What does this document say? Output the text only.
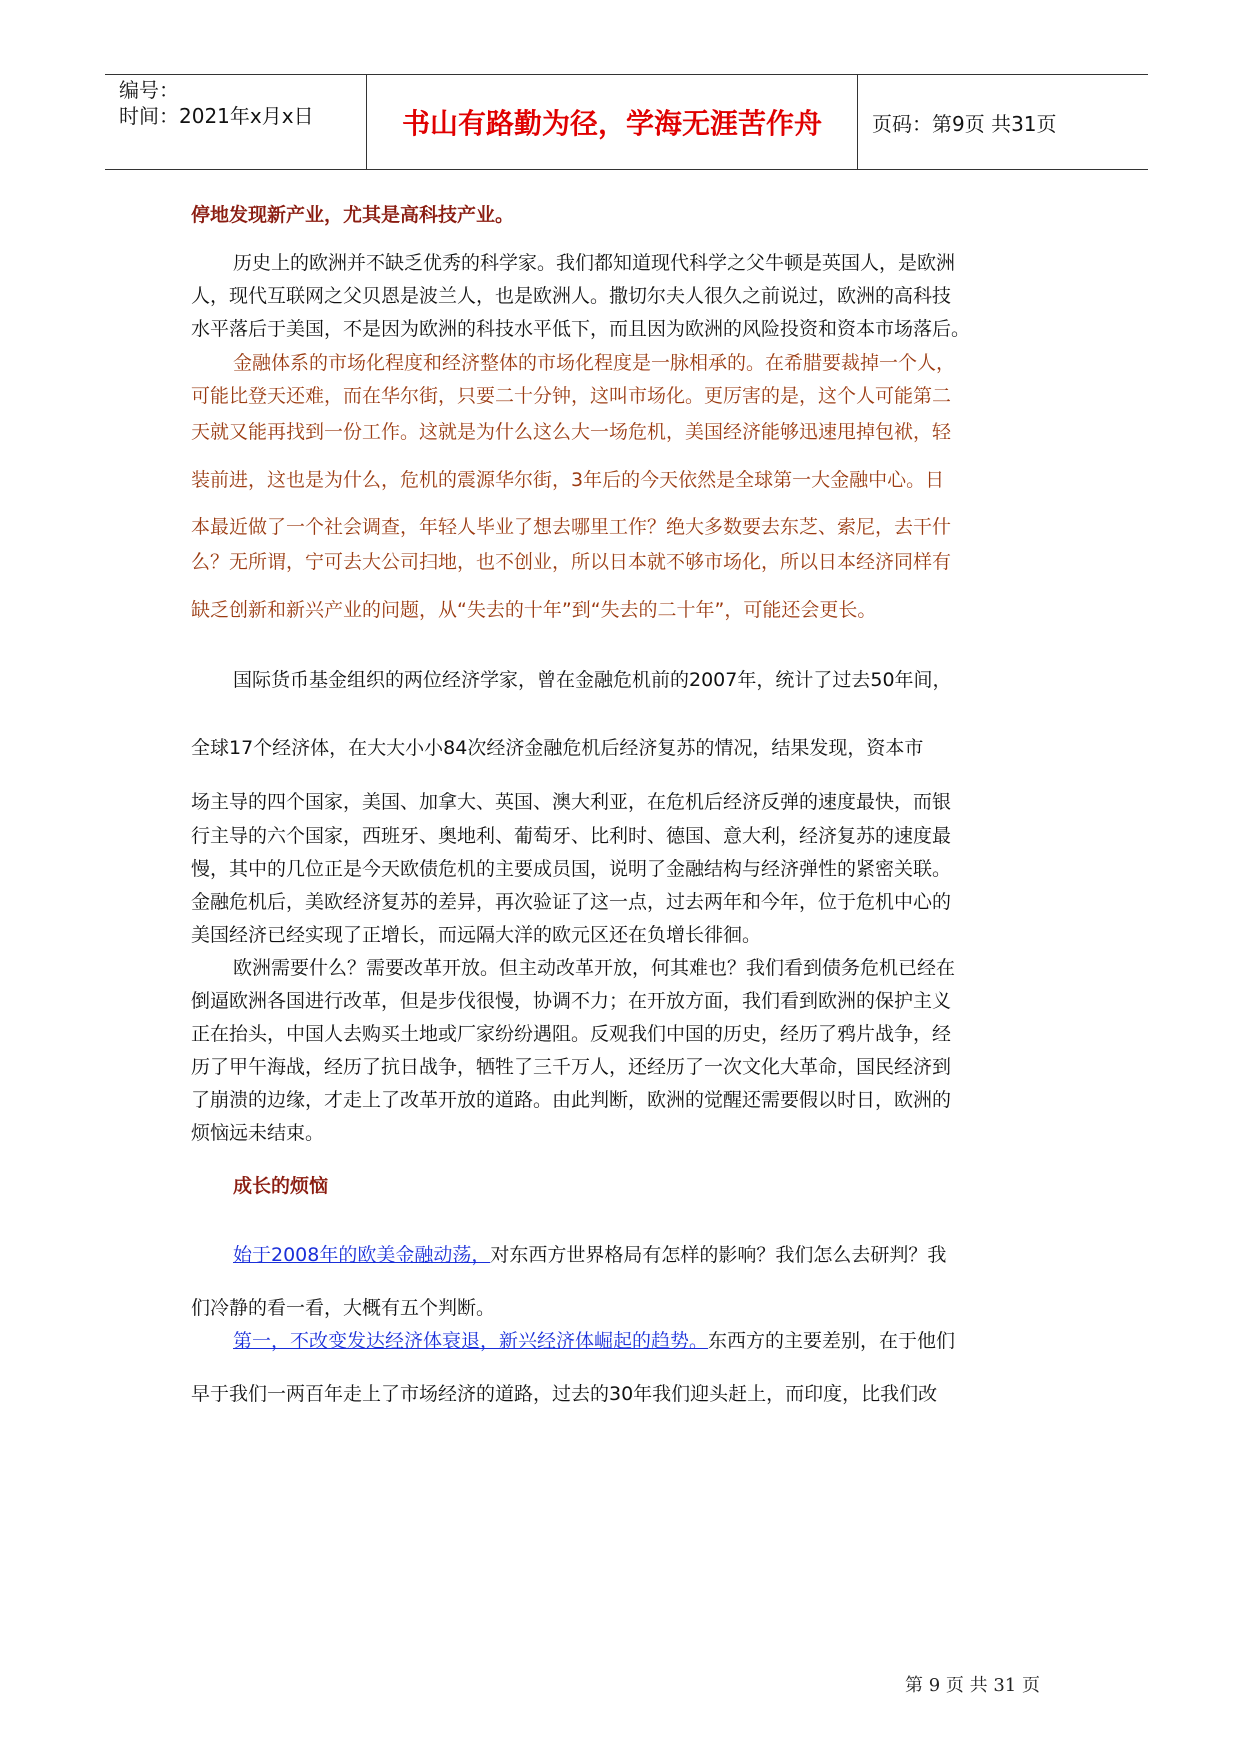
编号：
时间：2021年x月x日	书山有路勤为径，学海无涯苦作舟	页码：第9页 共31页
停地发现新产业，尤其是高科技产业。
历史上的欧洲并不缺乏优秀的科学家。我们都知道现代科学之父牛顿是英国人，是欧洲
人，现代互联网之父贝恩是波兰人，也是欧洲人。撒切尔夫人很久之前说过，欧洲的高科技
水平落后于美国，不是因为欧洲的科技水平低下，而且因为欧洲的风险投资和资本市场落后。
金融体系的市场化程度和经济整体的市场化程度是一脉相承的。在希腊要裁掉一个人，
可能比登天还难，而在华尔街，只要二十分钟，这叫市场化。更厉害的是，这个人可能第二
天就又能再找到一份工作。这就是为什么这么大一场危机，美国经济能够迅速甩掉包袱，轻
装前进，这也是为什么，危机的震源华尔街，3年后的今天依然是全球第一大金融中心。日
本最近做了一个社会调查，年轻人毕业了想去哪里工作？绝大多数要去东芝、索尼，去干什
么？无所谓，宁可去大公司扫地，也不创业，所以日本就不够市场化，所以日本经济同样有
缺乏创新和新兴产业的问题，从“失去的十年”到“失去的二十年”，可能还会更长。
国际货币基金组织的两位经济学家，曾在金融危机前的2007年，统计了过去50年间，
全球17个经济体，在大大小小84次经济金融危机后经济复苏的情况，结果发现，资本市
场主导的四个国家，美国、加拿大、英国、澳大利亚，在危机后经济反弹的速度最快，而银
行主导的六个国家，西班牙、奥地利、葡萄牙、比利时、德国、意大利，经济复苏的速度最
慢，其中的几位正是今天欧债危机的主要成员国，说明了金融结构与经济弹性的紧密关联。
金融危机后，美欧经济复苏的差异，再次验证了这一点，过去两年和今年，位于危机中心的
美国经济已经实现了正增长，而远隔大洋的欧元区还在负增长徘徊。
欧洲需要什么？需要改革开放。但主动改革开放，何其难也？我们看到债务危机已经在
倒逼欧洲各国进行改革，但是步伐很慢，协调不力；在开放方面，我们看到欧洲的保护主义
正在抬头，中国人去购买土地或厂家纷纷遇阻。反观我们中国的历史，经历了鸦片战争，经
历了甲午海战，经历了抗日战争，牺牲了三千万人，还经历了一次文化大革命，国民经济到
了崩溃的边缘，才走上了改革开放的道路。由此判断，欧洲的觉醒还需要假以时日，欧洲的
烦恼远未结束。
成长的烦恼
始于2008年的欧美金融动荡，对东西方世界格局有怎样的影响？我们怎么去研判？我
们冷静的看一看，大概有五个判断。
第一，不改变发达经济体衰退，新兴经济体崛起的趋势。东西方的主要差别，在于他们
早于我们一两百年走上了市场经济的道路，过去的30年我们迎头赶上，而印度，比我们改
第 9 页 共 31 页
